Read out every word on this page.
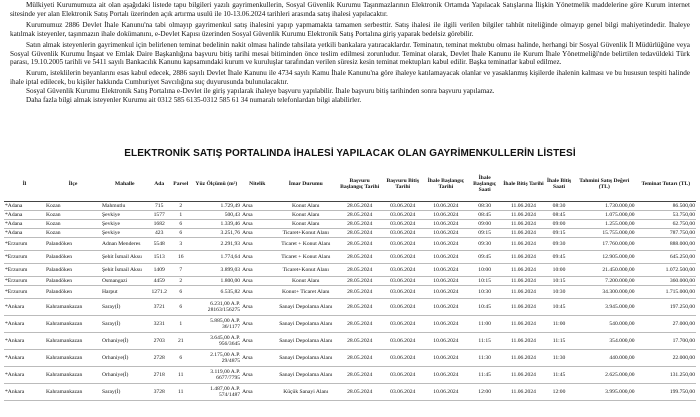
Mülkiyeti Kurumumuza ait olan aşağıdaki listede tapu bilgileri yazılı gayrimenkullerin, Sosyal Güvenlik Kurumu Taşınmazlarının Elektronik Ortamda Yapılacak Satışlarına İlişkin Yönetmelik maddelerine göre Kurum internet sitesinde yer alan Elektronik Satış Portalı üzerinden açık artırma usulü ile 10-13.06.2024 tarihleri arasında satış ihalesi yapılacaktır.

Kurumumuz 2886 Devlet İhale Kanunu'na tabi olmayıp gayrimenkul satış ihalesini yapıp yapmamakta tamamen serbesttir. Satış ihalesi ile ilgili verilen bilgiler tahhüt niteliğinde olmayıp genel bilgi mahiyetindedir. İhaleye katılmak isteyenler, taşınmazın ihale dokümanını, e-Devlet Kapısı üzerinden Sosyal Güvenlik Kurumu Elektronik Satış Portalına giriş yaparak bedelsiz görebilir.

Satın almak isteyenlerin gayrimenkul için belirlenen teminat bedelinin nakit olması halinde tahsilata yetkili bankalara yatıracaklardır. Teminatın, teminat mektubu olması halinde, herhangi bir Sosyal Güvenlik İl Müdürlüğüne veya Sosyal Güvenlik Kurumu İnşaat ve Emlak Daire Başkanlığına başvuru bitiş tarihi mesai bitiminden önce teslim edilmesi zorunludur. Teminat olarak, Devlet İhale Kanunu ile Kurum İhale Yönetmeliği'nde belirtilen tedavüldeki Türk parası, 19.10.2005 tarihli ve 5411 sayılı Bankacılık Kanunu kapsamındaki kurum ve kuruluşlar tarafından verilen süresiz kesin teminat mektupları kabul edilir. Başka teminatlar kabul edilmez.

Kurum, isteklilerin beyanlarını esas kabul edecek, 2886 sayılı Devlet İhale Kanunu ile 4734 sayılı Kamu İhale Kanunu'na göre ihaleye katılamayacak olanlar ve yasaklanmış kişilerde ihalenin kalması ve bu hususun tespiti halinde ihale iptal edilecek, bu kişiler hakkında Cumhuriyet Savcılığına suç duyurusunda bulunulacaktır.

Sosyal Güvenlik Kurumu Elektronik Satış Portalına e-Devlet ile giriş yapılarak ihaleye başvuru yapılabilir. İhale başvuru bitiş tarihinden sonra başvuru yapılamaz.

Daha fazla bilgi almak isteyenler Kurumu ait 0312 585 6135-0312 585 61 34 numaralı telefonlardan bilgi alabilirler.

ELEKTRONİK SATIŞ PORTALINDA İHALESİ YAPILACAK OLAN GAYRİMENKULLERİN LİSTESİ
İl	İlçe	Mahalle	Ada	Parsel	Yüz Ölçümü (m²)	Nitelik	İmar Durumu	Başvuru Başlangıç Tarihi	Başvuru Bitiş Tarihi	İhale Başlangıç Tarihi	İhale Başlangıç Saati	İhale Bitiş Tarihi	İhale Bitiş Saati	Tahmini Satış Değeri (TL)	Teminat Tutarı (TL)
*Adana	Kozan	Mahmutlu	715	2	1.729,49	Arsa	Konut Alanı	28.05.2024	03.06.2024	10.06.2024	08:30	11.06.2024	08:30	1.730.000,00	86.500,00
*Adana	Kozan	Şevkiye	1577	1	500,43	Arsa	Konut Alanı	28.05.2024	03.06.2024	10.06.2024	08:45	11.06.2024	08:45	1.075.000,00	53.750,00
*Adana	Kozan	Şevkiye	1682	6	1.339,46	Arsa	Konut Alanı	28.05.2024	03.06.2024	10.06.2024	09:00	11.06.2024	09:00	1.255.000,00	62.750,00
*Adana	Kozan	Şevkiye	423	6	3.251,76	Arsa	Ticaret+Konut Alanı	28.05.2024	03.06.2024	10.06.2024	09:15	11.06.2024	09:15	15.755.000,00	787.750,00
*Erzurum	Palandöken	Adnan Menderes	5548	3	2.291,93	Arsa	Ticaret + Konut Alanı	28.05.2024	03.06.2024	10.06.2024	09:30	11.06.2024	09:30	17.760.000,00	888.000,00
*Erzurum	Palandöken	Şehit İsmail Aksu	1513	16	1.774,64	Arsa	Ticaret + Konut Alanı	28.05.2024	03.06.2024	10.06.2024	09:45	11.06.2024	09:45	12.905.000,00	645.250,00
*Erzurum	Palandöken	Şehit İsmail Aksu	1409	7	3.899,03	Arsa	Ticaret+Konut Alanı	28.05.2024	03.06.2024	10.06.2024	10:00	11.06.2024	10:00	21.450.000,00	1.072.500,00
*Erzurum	Palandöken	Osmangazi	4459	2	1.800,00	Arsa	Konut Alanı	28.05.2024	03.06.2024	10.06.2024	10:15	11.06.2024	10:15	7.200.000,00	360.000,00
*Erzurum	Palandöken	Harput	1271.2	6	6.535,82	Arsa	Konut+ Ticaret Alanı	28.05.2024	03.06.2024	10.06.2024	10:30	11.06.2024	10:30	34.300.000,00	1.715.000,00
*Ankara	Kahramankazan	Saray(İ)	3721	6	6.231,00 A.P. 28163/156275	Arsa	Sanayi Depolama Alanı	28.05.2024	03.06.2024	10.06.2024	10:45	11.06.2024	10:45	3.945.000,00	197.250,00
*Ankara	Kahramankazan	Saray(İ)	3231	1	5.885,00 A.P. 36/1177	Arsa	Sanayi Depolama Alanı	28.05.2024	03.06.2024	10.06.2024	11:00	11.06.2024	11:00	540.000,00	27.000,00
*Ankara	Kahramankazan	Orhaniye(İ)	2703	21	3.645,00 A.P. 956/3645	Arsa	Sanayi Depolama Alanı	28.05.2024	03.06.2024	10.06.2024	11:15	11.06.2024	11:15	354.000,00	17.700,00
*Ankara	Kahramankazan	Orhaniye(İ)	2728	6	2.175,00 A.P. 29/4875	Arsa	Sanayi Depolama Alanı	28.05.2024	03.06.2024	10.06.2024	11:30	11.06.2024	11:30	440.000,00	22.000,00
*Ankara	Kahramankazan	Orhaniye(İ)	2718	11	3.119,00 A.P. 6677/7795	Arsa	Sanayi Depolama Alanı	28.05.2024	03.06.2024	10.06.2024	11:45	11.06.2024	11:45	2.625.000,00	131.250,00
*Ankara	Kahramankazan	Saray(İ)	3728	11	1.487,00 A.P. 574/1487	Arsa	Küçük Sanayi Alanı	28.05.2024	03.06.2024	10.06.2024	12:00	11.06.2024	12:00	3.995.000,00	199.750,00
